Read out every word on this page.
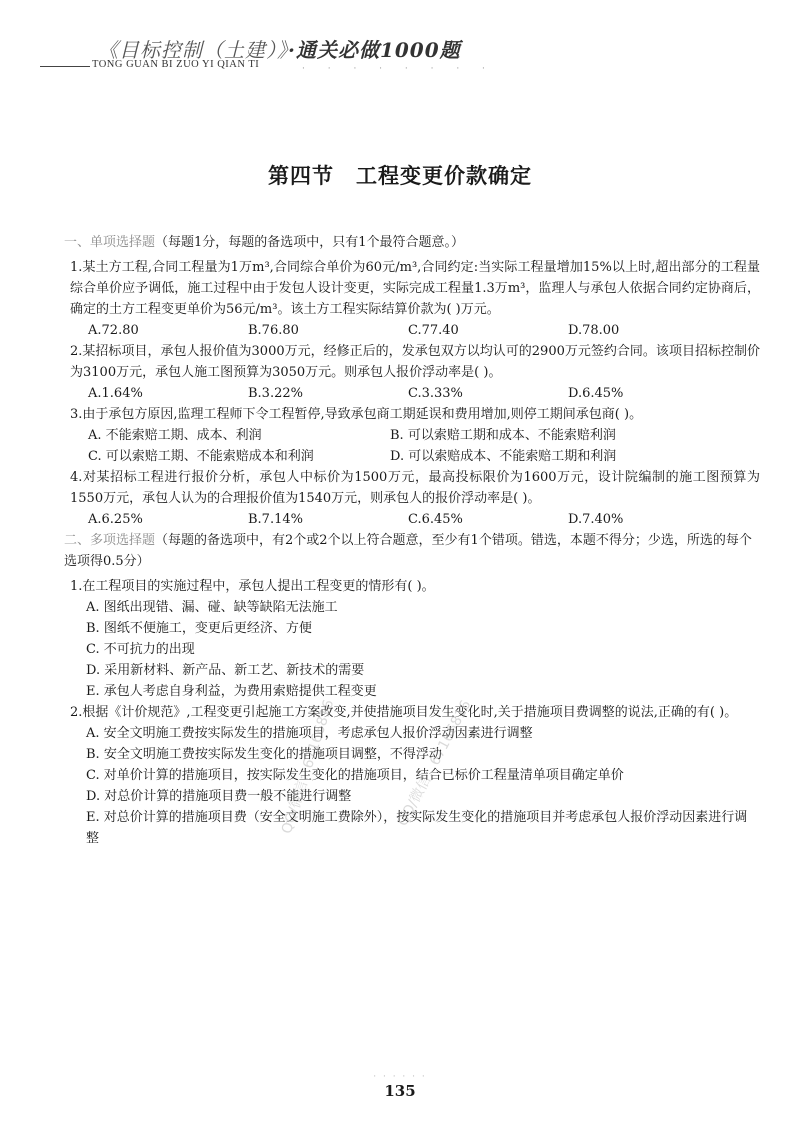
《目标控制（土建）》·通关必做1000题
TONG GUAN BI ZUO YI QIAN TI	· · · · · · · ·
第四节 工程变更价款确定
一、单项选择题（每题1分，每题的备选项中，只有1个最符合题意。）

1.某土方工程,合同工程量为1万m³,合同综合单价为60元/m³,合同约定:当实际工程量增加15%以上时,超出部分的工程量综合单价应予调低，施工过程中由于发包人设计变更，实际完成工程量1.3万m³，监理人与承包人依据合同约定协商后，确定的土方工程变更单价为56元/m³。该土方工程实际结算价款为( )万元。

A.72.80	B.76.80	C.77.40	D.78.00

2.某招标项目，承包人报价值为3000万元，经修正后的，发承包双方以均认可的2900万元签约合同。该项目招标控制价为3100万元，承包人施工图预算为3050万元。则承包人报价浮动率是( )。

A.1.64%	B.3.22%	C.3.33%	D.6.45%

3.由于承包方原因,监理工程师下令工程暂停,导致承包商工期延误和费用增加,则停工期间承包商( )。

A. 不能索赔工期、成本、利润	B. 可以索赔工期和成本、不能索赔利润
C. 可以索赔工期、不能索赔成本和利润	D. 可以索赔成本、不能索赔工期和利润

4.对某招标工程进行报价分析，承包人中标价为1500万元，最高投标限价为1600万元，设计院编制的施工图预算为1550万元，承包人认为的合理报价值为1540万元，则承包人的报价浮动率是( )。

A.6.25%	B.7.14%	C.6.45%	D.7.40%
二、多项选择题（每题的备选项中，有2个或2个以上符合题意，至少有1个错项。错选，本题不得分；少选，所选的每个选项得0.5分）

1.在工程项目的实施过程中，承包人提出工程变更的情形有( )。

A. 图纸出现错、漏、碰、缺等缺陷无法施工
B. 图纸不便施工，变更后更经济、方便
C. 不可抗力的出现
D. 采用新材料、新产品、新工艺、新技术的需要
E. 承包人考虑自身利益，为费用索赔提供工程变更

2.根据《计价规范》,工程变更引起施工方案改变,并使措施项目发生变化时,关于措施项目费调整的说法,正确的有( )。

A. 安全文明施工费按实际发生的措施项目，考虑承包人报价浮动因素进行调整
B. 安全文明施工费按实际发生变化的措施项目调整，不得浮动
C. 对单价计算的措施项目，按实际发生变化的措施项目，结合已标价工程量清单项目确定单价
D. 对总价计算的措施项目费一般不能进行调整
E. 对总价计算的措施项目费（安全文明施工费除外），按实际发生变化的措施项目并考虑承包人报价浮动因素进行调整
QQ/微信：67166816	QQ/微信：67166816
· · · · · ·
135
